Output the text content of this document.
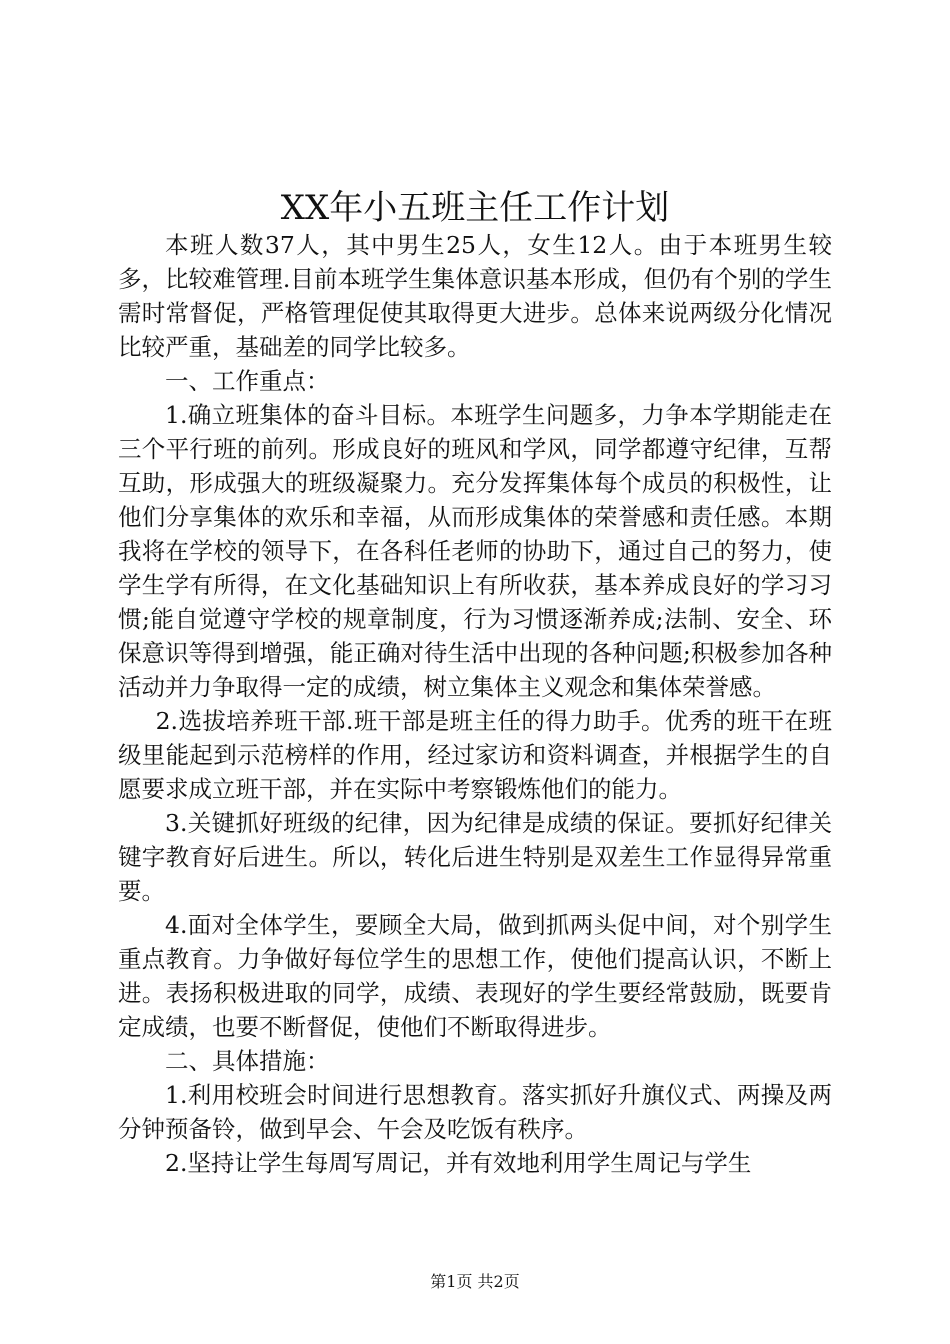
XX年小五班主任工作计划

本班人数37人，其中男生25人，女生12人。由于本班男生较多，比较难管理.目前本班学生集体意识基本形成，但仍有个别的学生需时常督促，严格管理促使其取得更大进步。总体来说两级分化情况比较严重，基础差的同学比较多。

一、工作重点：

1.确立班集体的奋斗目标。本班学生问题多，力争本学期能走在三个平行班的前列。形成良好的班风和学风，同学都遵守纪律，互帮互助，形成强大的班级凝聚力。充分发挥集体每个成员的积极性，让他们分享集体的欢乐和幸福，从而形成集体的荣誉感和责任感。本期我将在学校的领导下，在各科任老师的协助下，通过自己的努力，使学生学有所得，在文化基础知识上有所收获，基本养成良好的学习习惯;能自觉遵守学校的规章制度，行为习惯逐渐养成;法制、安全、环保意识等得到增强，能正确对待生活中出现的各种问题;积极参加各种活动并力争取得一定的成绩，树立集体主义观念和集体荣誉感。

2.选拔培养班干部.班干部是班主任的得力助手。优秀的班干在班级里能起到示范榜样的作用，经过家访和资料调查，并根据学生的自愿要求成立班干部，并在实际中考察锻炼他们的能力。

3.关键抓好班级的纪律，因为纪律是成绩的保证。要抓好纪律关键字教育好后进生。所以，转化后进生特别是双差生工作显得异常重要。

4.面对全体学生，要顾全大局，做到抓两头促中间，对个别学生重点教育。力争做好每位学生的思想工作，使他们提高认识，不断上进。表扬积极进取的同学，成绩、表现好的学生要经常鼓励，既要肯定成绩，也要不断督促，使他们不断取得进步。

二、具体措施：

1.利用校班会时间进行思想教育。落实抓好升旗仪式、两操及两分钟预备铃，做到早会、午会及吃饭有秩序。

2.坚持让学生每周写周记，并有效地利用学生周记与学生

第1页 共2页
